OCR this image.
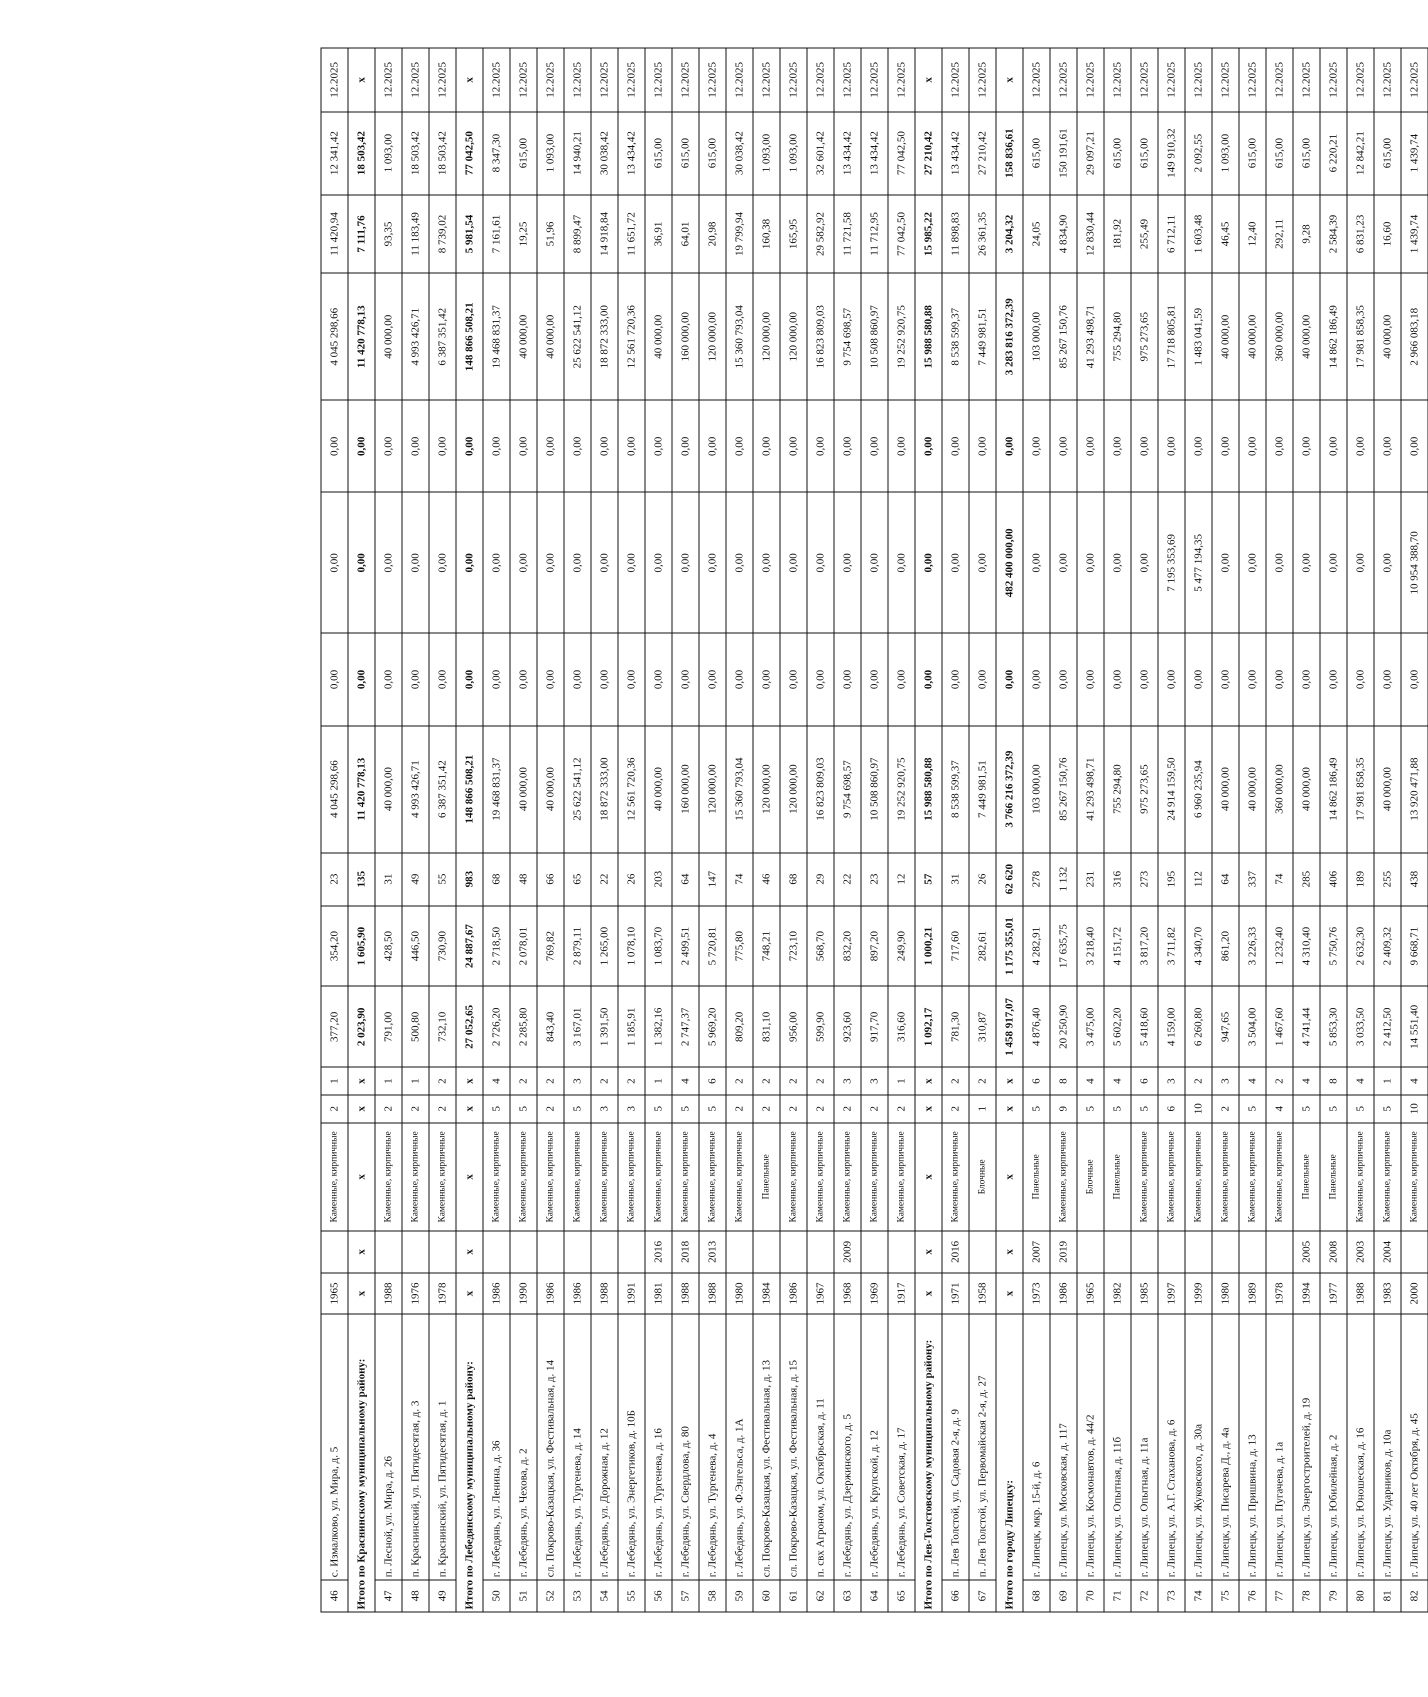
46	с. Измалково, ул. Мира, д. 5	1965		Каменные, кирпичные	2	1	377,20	354,20	23	4 045 298,66	0,00	0,00	0,00	4 045 298,66	11 420,94	12 341,42	12.2025
Итого по Краснинскому муниципальному району:		х	х	х	х	х	2 023,90	1 605,90	135	11 420 778,13	0,00	0,00	0,00	11 420 778,13	7 111,76	18 503,42	х
47	п. Лесной, ул. Мира, д. 26	1988		Каменные, кирпичные	2	1	791,00	428,50	31	40 000,00	0,00	0,00	0,00	40 000,00	93,35	1 093,00	12.2025
48	п. Краснинский, ул. Пятидесятая, д. 3	1976		Каменные, кирпичные	2	1	500,80	446,50	49	4 993 426,71	0,00	0,00	0,00	4 993 426,71	11 183,49	18 503,42	12.2025
49	п. Краснинский, ул. Пятидесятая, д. 1	1978		Каменные, кирпичные	2	2	732,10	730,90	55	6 387 351,42	0,00	0,00	0,00	6 387 351,42	8 739,02	18 503,42	12.2025
Итого по Лебедянскому муниципальному району:		х	х	х	х	х	27 052,65	24 887,67	983	148 866 508,21	0,00	0,00	0,00	148 866 508,21	5 981,54	77 042,50	х
50	г. Лебедянь, ул. Ленина, д. 36	1986		Каменные, кирпичные	5	4	2 726,20	2 718,50	68	19 468 831,37	0,00	0,00	0,00	19 468 831,37	7 161,61	8 347,30	12.2025
51	г. Лебедянь, ул. Чехова, д. 2	1990		Каменные, кирпичные	5	2	2 285,80	2 078,01	48	40 000,00	0,00	0,00	0,00	40 000,00	19,25	615,00	12.2025
52	сл. Покрово-Казацкая, ул. Фестивальная, д. 14	1986		Каменные, кирпичные	2	2	843,40	769,82	66	40 000,00	0,00	0,00	0,00	40 000,00	51,96	1 093,00	12.2025
53	г. Лебедянь, ул. Тургенева, д. 14	1986		Каменные, кирпичные	5	3	3 167,01	2 879,11	65	25 622 541,12	0,00	0,00	0,00	25 622 541,12	8 899,47	14 940,21	12.2025
54	г. Лебедянь, ул. Дорожная, д. 12	1988		Каменные, кирпичные	3	2	1 391,50	1 265,00	22	18 872 333,00	0,00	0,00	0,00	18 872 333,00	14 918,84	30 038,42	12.2025
55	г. Лебедянь, ул. Энергетиков, д. 10Б	1991		Каменные, кирпичные	3	2	1 185,91	1 078,10	26	12 561 720,36	0,00	0,00	0,00	12 561 720,36	11 651,72	13 434,42	12.2025
56	г. Лебедянь, ул. Тургенева, д. 16	1981	2016	Каменные, кирпичные	5	1	1 382,16	1 083,70	203	40 000,00	0,00	0,00	0,00	40 000,00	36,91	615,00	12.2025
57	г. Лебедянь, ул. Свердлова, д. 80	1988	2018	Каменные, кирпичные	5	4	2 747,37	2 499,51	64	160 000,00	0,00	0,00	0,00	160 000,00	64,01	615,00	12.2025
58	г. Лебедянь, ул. Тургенева, д. 4	1988	2013	Каменные, кирпичные	5	6	5 969,20	5 720,81	147	120 000,00	0,00	0,00	0,00	120 000,00	20,98	615,00	12.2025
59	г. Лебедянь, ул. Ф.Энгельса, д. 1А	1980		Каменные, кирпичные	2	2	809,20	775,80	74	15 360 793,04	0,00	0,00	0,00	15 360 793,04	19 799,94	30 038,42	12.2025
60	сл. Покрово-Казацкая, ул. Фестивальная, д. 13	1984		Панельные	2	2	831,10	748,21	46	120 000,00	0,00	0,00	0,00	120 000,00	160,38	1 093,00	12.2025
61	сл. Покрово-Казацкая, ул. Фестивальная, д. 15	1986		Каменные, кирпичные	2	2	956,00	723,10	68	120 000,00	0,00	0,00	0,00	120 000,00	165,95	1 093,00	12.2025
62	п. свх Агроном, ул. Октябрьская, д. 11	1967		Каменные, кирпичные	2	2	599,90	568,70	29	16 823 809,03	0,00	0,00	0,00	16 823 809,03	29 582,92	32 601,42	12.2025
63	г. Лебедянь, ул. Дзержинского, д. 5	1968	2009	Каменные, кирпичные	2	3	923,60	832,20	22	9 754 698,57	0,00	0,00	0,00	9 754 698,57	11 721,58	13 434,42	12.2025
64	г. Лебедянь, ул. Крупской, д. 12	1969		Каменные, кирпичные	2	3	917,70	897,20	23	10 508 860,97	0,00	0,00	0,00	10 508 860,97	11 712,95	13 434,42	12.2025
65	г. Лебедянь, ул. Советская, д. 17	1917		Каменные, кирпичные	2	1	316,60	249,90	12	19 252 920,75	0,00	0,00	0,00	19 252 920,75	77 042,50	77 042,50	12.2025
Итого по Лев-Толстовскому муниципальному району:		х	х	х	х	х	1 092,17	1 000,21	57	15 988 580,88	0,00	0,00	0,00	15 988 580,88	15 985,22	27 210,42	х
66	п. Лев Толстой, ул. Садовая 2-я, д. 9	1971	2016	Каменные, кирпичные	2	2	781,30	717,60	31	8 538 599,37	0,00	0,00	0,00	8 538 599,37	11 898,83	13 434,42	12.2025
67	п. Лев Толстой, ул. Первомайская 2-я, д. 27	1958		Блочные	1	2	310,87	282,61	26	7 449 981,51	0,00	0,00	0,00	7 449 981,51	26 361,35	27 210,42	12.2025
Итого по городу Липецку:		х	х	х	х	х	1 458 917,07	1 175 355,01	62 620	3 766 216 372,39	0,00	482 400 000,00	0,00	3 283 816 372,39	3 204,32	158 836,61	х
68	г. Липецк, мкр. 15-й, д. 6	1973	2007	Панельные	5	6	4 876,40	4 282,91	278	103 000,00	0,00	0,00	0,00	103 000,00	24,05	615,00	12.2025
69	г. Липецк, ул. Московская, д. 117	1986	2019	Каменные, кирпичные	9	8	20 250,90	17 635,75	1 132	85 267 150,76	0,00	0,00	0,00	85 267 150,76	4 834,90	150 191,61	12.2025
70	г. Липецк, ул. Космонавтов, д. 44/2	1965		Блочные	5	4	3 475,00	3 218,40	231	41 293 498,71	0,00	0,00	0,00	41 293 498,71	12 830,44	29 097,21	12.2025
71	г. Липецк, ул. Опытная, д. 11б	1982		Панельные	5	4	5 602,20	4 151,72	316	755 294,80	0,00	0,00	0,00	755 294,80	181,92	615,00	12.2025
72	г. Липецк, ул. Опытная, д. 11а	1985		Каменные, кирпичные	5	6	5 418,60	3 817,20	273	975 273,65	0,00	0,00	0,00	975 273,65	255,49	615,00	12.2025
73	г. Липецк, ул. А.Г. Стаханова, д. 6	1997		Каменные, кирпичные	6	3	4 159,00	3 711,82	195	24 914 159,50	0,00	7 195 353,69	0,00	17 718 805,81	6 712,11	149 910,32	12.2025
74	г. Липецк, ул. Жуковского, д. 30а	1999		Каменные, кирпичные	10	2	6 260,80	4 340,70	112	6 960 235,94	0,00	5 477 194,35	0,00	1 483 041,59	1 603,48	2 092,55	12.2025
75	г. Липецк, ул. Писарева Д., д. 4а	1980		Каменные, кирпичные	2	3	947,65	861,20	64	40 000,00	0,00	0,00	0,00	40 000,00	46,45	1 093,00	12.2025
76	г. Липецк, ул. Пришвина, д. 13	1989		Каменные, кирпичные	5	4	3 504,00	3 226,33	337	40 000,00	0,00	0,00	0,00	40 000,00	12,40	615,00	12.2025
77	г. Липецк, ул. Пугачева, д. 1а	1978		Каменные, кирпичные	4	2	1 467,60	1 232,40	74	360 000,00	0,00	0,00	0,00	360 000,00	292,11	615,00	12.2025
78	г. Липецк, ул. Энергостроителей, д. 19	1994	2005	Панельные	5	4	4 741,44	4 310,40	285	40 000,00	0,00	0,00	0,00	40 000,00	9,28	615,00	12.2025
79	г. Липецк, ул. Юбилейная, д. 2	1977	2008	Панельные	5	8	5 853,30	5 750,76	406	14 862 186,49	0,00	0,00	0,00	14 862 186,49	2 584,39	6 220,21	12.2025
80	г. Липецк, ул. Юношеская, д. 16	1988	2003	Каменные, кирпичные	5	4	3 033,50	2 632,30	189	17 981 858,35	0,00	0,00	0,00	17 981 858,35	6 831,23	12 842,21	12.2025
81	г. Липецк, ул. Ударников, д. 10а	1983	2004	Каменные, кирпичные	5	1	2 412,50	2 409,32	255	40 000,00	0,00	0,00	0,00	40 000,00	16,60	615,00	12.2025
82	г. Липецк, ул. 40 лет Октября, д. 45	2000		Каменные, кирпичные	10	4	14 551,40	9 668,71	438	13 920 471,88	0,00	10 954 388,70	0,00	2 966 083,18	1 439,74	1 439,74	12.2025
